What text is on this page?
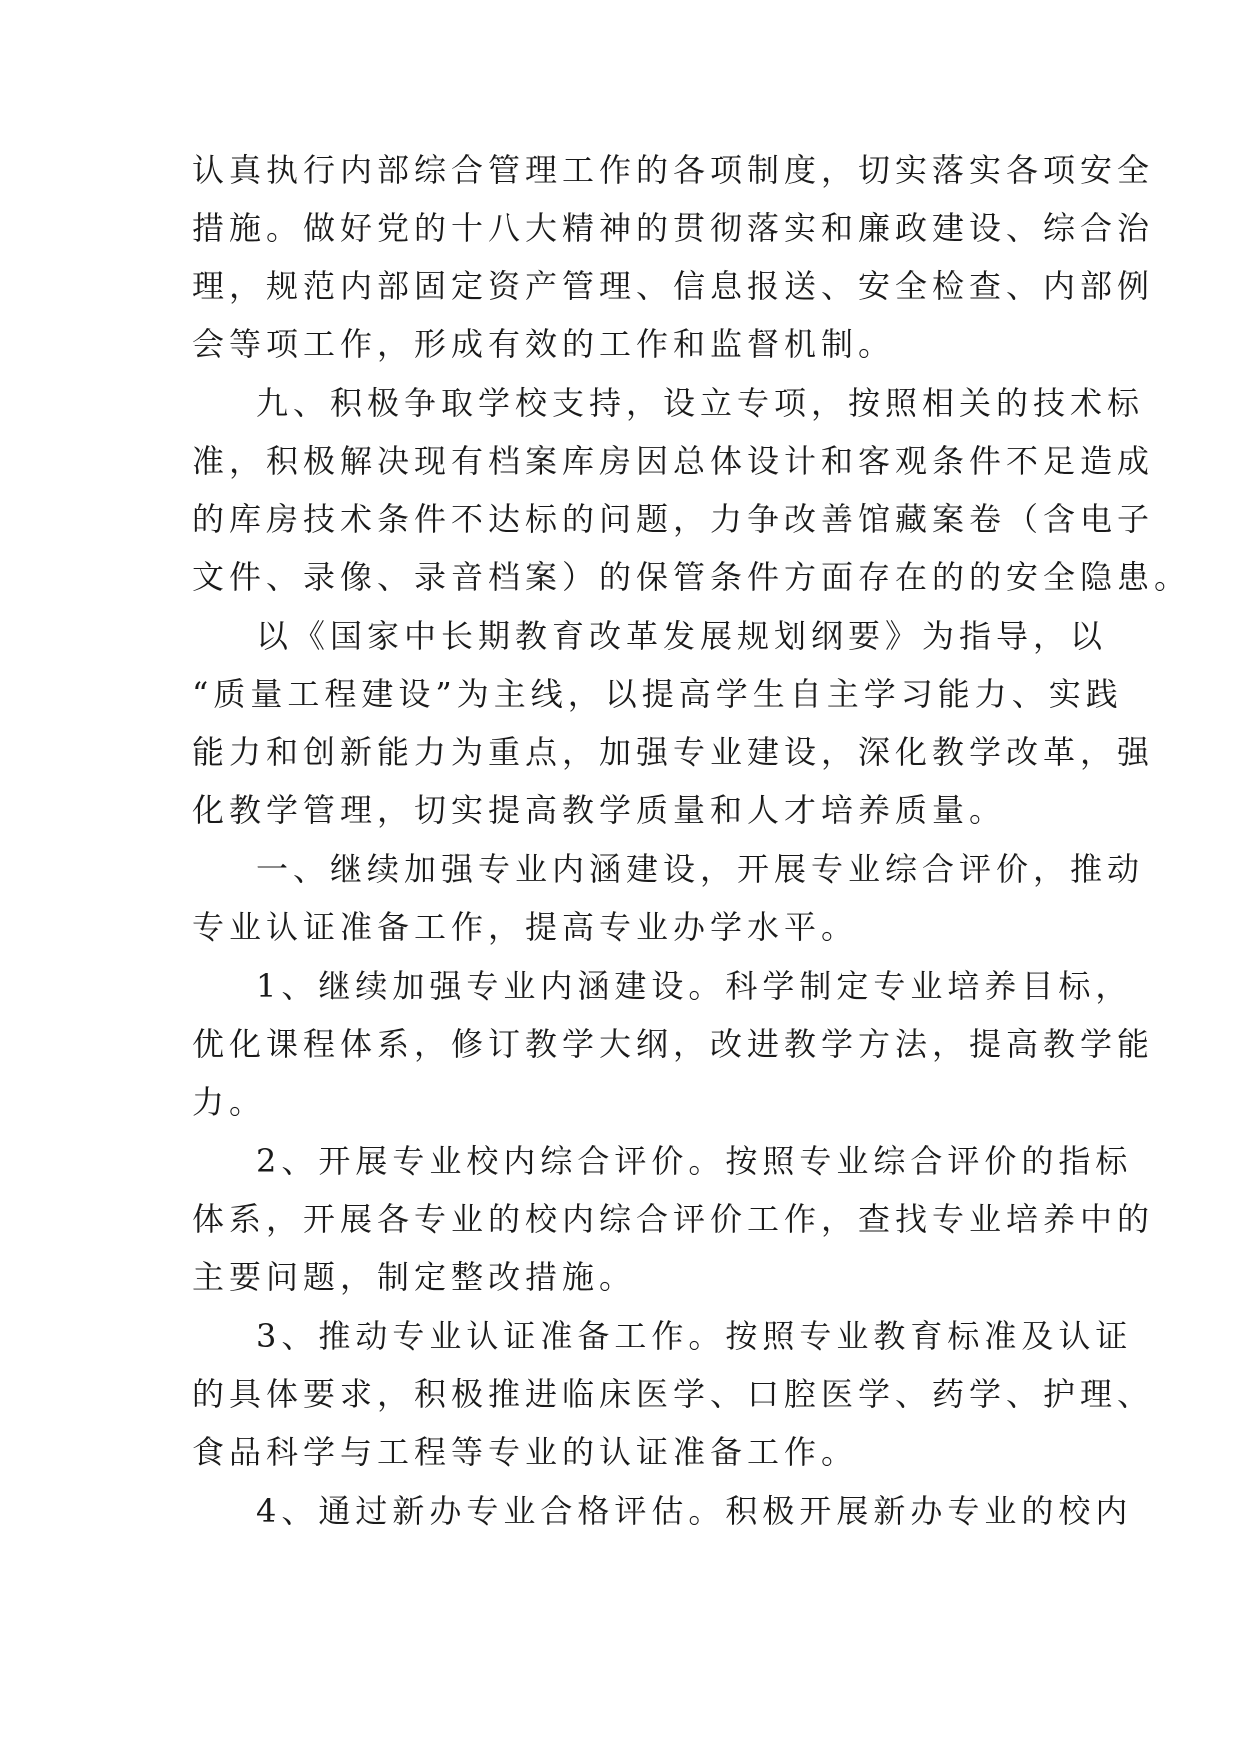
认真执行内部综合管理工作的各项制度，切实落实各项安全
措施。做好党的十八大精神的贯彻落实和廉政建设、综合治
理，规范内部固定资产管理、信息报送、安全检查、内部例
会等项工作，形成有效的工作和监督机制。
九、积极争取学校支持，设立专项，按照相关的技术标
准，积极解决现有档案库房因总体设计和客观条件不足造成
的库房技术条件不达标的问题，力争改善馆藏案卷（含电子
文件、录像、录音档案）的保管条件方面存在的的安全隐患。
以《国家中长期教育改革发展规划纲要》为指导，以
“质量工程建设”为主线，以提高学生自主学习能力、实践
能力和创新能力为重点，加强专业建设，深化教学改革，强
化教学管理，切实提高教学质量和人才培养质量。
一、继续加强专业内涵建设，开展专业综合评价，推动
专业认证准备工作，提高专业办学水平。
1、继续加强专业内涵建设。科学制定专业培养目标，
优化课程体系，修订教学大纲，改进教学方法，提高教学能
力。
2、开展专业校内综合评价。按照专业综合评价的指标
体系，开展各专业的校内综合评价工作，查找专业培养中的
主要问题，制定整改措施。
3、推动专业认证准备工作。按照专业教育标准及认证
的具体要求，积极推进临床医学、口腔医学、药学、护理、
食品科学与工程等专业的认证准备工作。
4、通过新办专业合格评估。积极开展新办专业的校内
